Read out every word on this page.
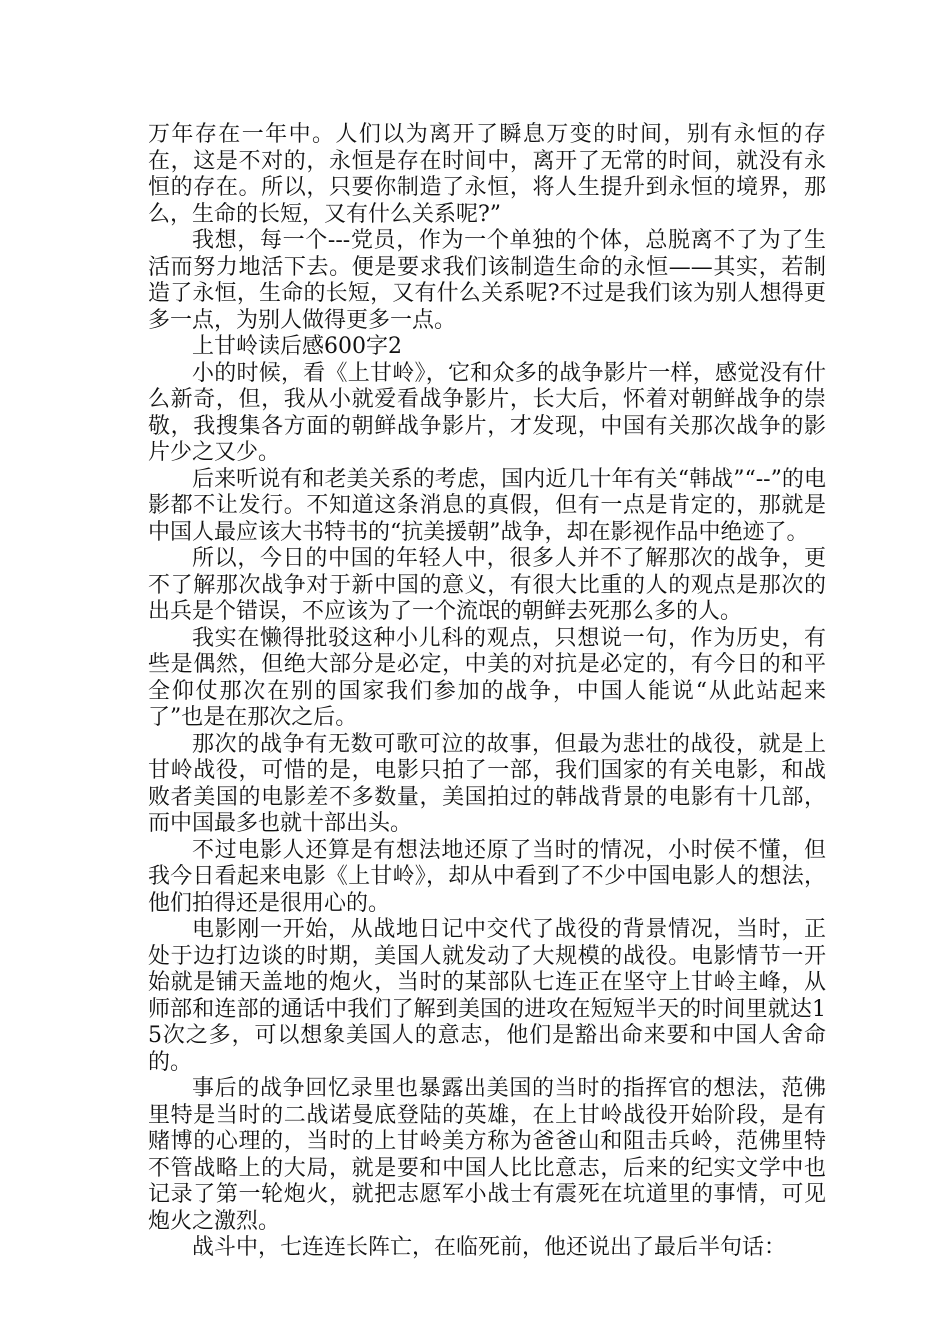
万年存在一年中。人们以为离开了瞬息万变的时间，别有永恒的存在，这是不对的，永恒是存在时间中，离开了无常的时间，就没有永恒的存在。所以，只要你制造了永恒，将人生提升到永恒的境界，那么，生命的长短，又有什么关系呢?”

我想，每一个---党员，作为一个单独的个体，总脱离不了为了生活而努力地活下去。便是要求我们该制造生命的永恒——其实，若制造了永恒，生命的长短，又有什么关系呢?不过是我们该为别人想得更多一点，为别人做得更多一点。

上甘岭读后感600字2

小的时候，看《上甘岭》，它和众多的战争影片一样，感觉没有什么新奇，但，我从小就爱看战争影片，长大后，怀着对朝鲜战争的崇敬，我搜集各方面的朝鲜战争影片，才发现，中国有关那次战争的影片少之又少。

后来听说有和老美关系的考虑，国内近几十年有关“韩战”“--”的电影都不让发行。不知道这条消息的真假，但有一点是肯定的，那就是中国人最应该大书特书的“抗美援朝”战争，却在影视作品中绝迹了。

所以，今日的中国的年轻人中，很多人并不了解那次的战争，更不了解那次战争对于新中国的意义，有很大比重的人的观点是那次的出兵是个错误，不应该为了一个流氓的朝鲜去死那么多的人。

我实在懒得批驳这种小儿科的观点，只想说一句，作为历史，有些是偶然，但绝大部分是必定，中美的对抗是必定的，有今日的和平全仰仗那次在别的国家我们参加的战争，中国人能说“从此站起来了”也是在那次之后。

那次的战争有无数可歌可泣的故事，但最为悲壮的战役，就是上甘岭战役，可惜的是，电影只拍了一部，我们国家的有关电影，和战败者美国的电影差不多数量，美国拍过的韩战背景的电影有十几部，而中国最多也就十部出头。

不过电影人还算是有想法地还原了当时的情况，小时侯不懂，但我今日看起来电影《上甘岭》，却从中看到了不少中国电影人的想法，他们拍得还是很用心的。

电影刚一开始，从战地日记中交代了战役的背景情况，当时，正处于边打边谈的时期，美国人就发动了大规模的战役。电影情节一开始就是铺天盖地的炮火，当时的某部队七连正在坚守上甘岭主峰，从师部和连部的通话中我们了解到美国的进攻在短短半天的时间里就达15次之多，可以想象美国人的意志，他们是豁出命来要和中国人舍命的。

事后的战争回忆录里也暴露出美国的当时的指挥官的想法，范佛里特是当时的二战诺曼底登陆的英雄，在上甘岭战役开始阶段，是有赌博的心理的，当时的上甘岭美方称为爸爸山和阻击兵岭，范佛里特不管战略上的大局，就是要和中国人比比意志，后来的纪实文学中也记录了第一轮炮火，就把志愿军小战士有震死在坑道里的事情，可见炮火之激烈。

战斗中，七连连长阵亡，在临死前，他还说出了最后半句话：
